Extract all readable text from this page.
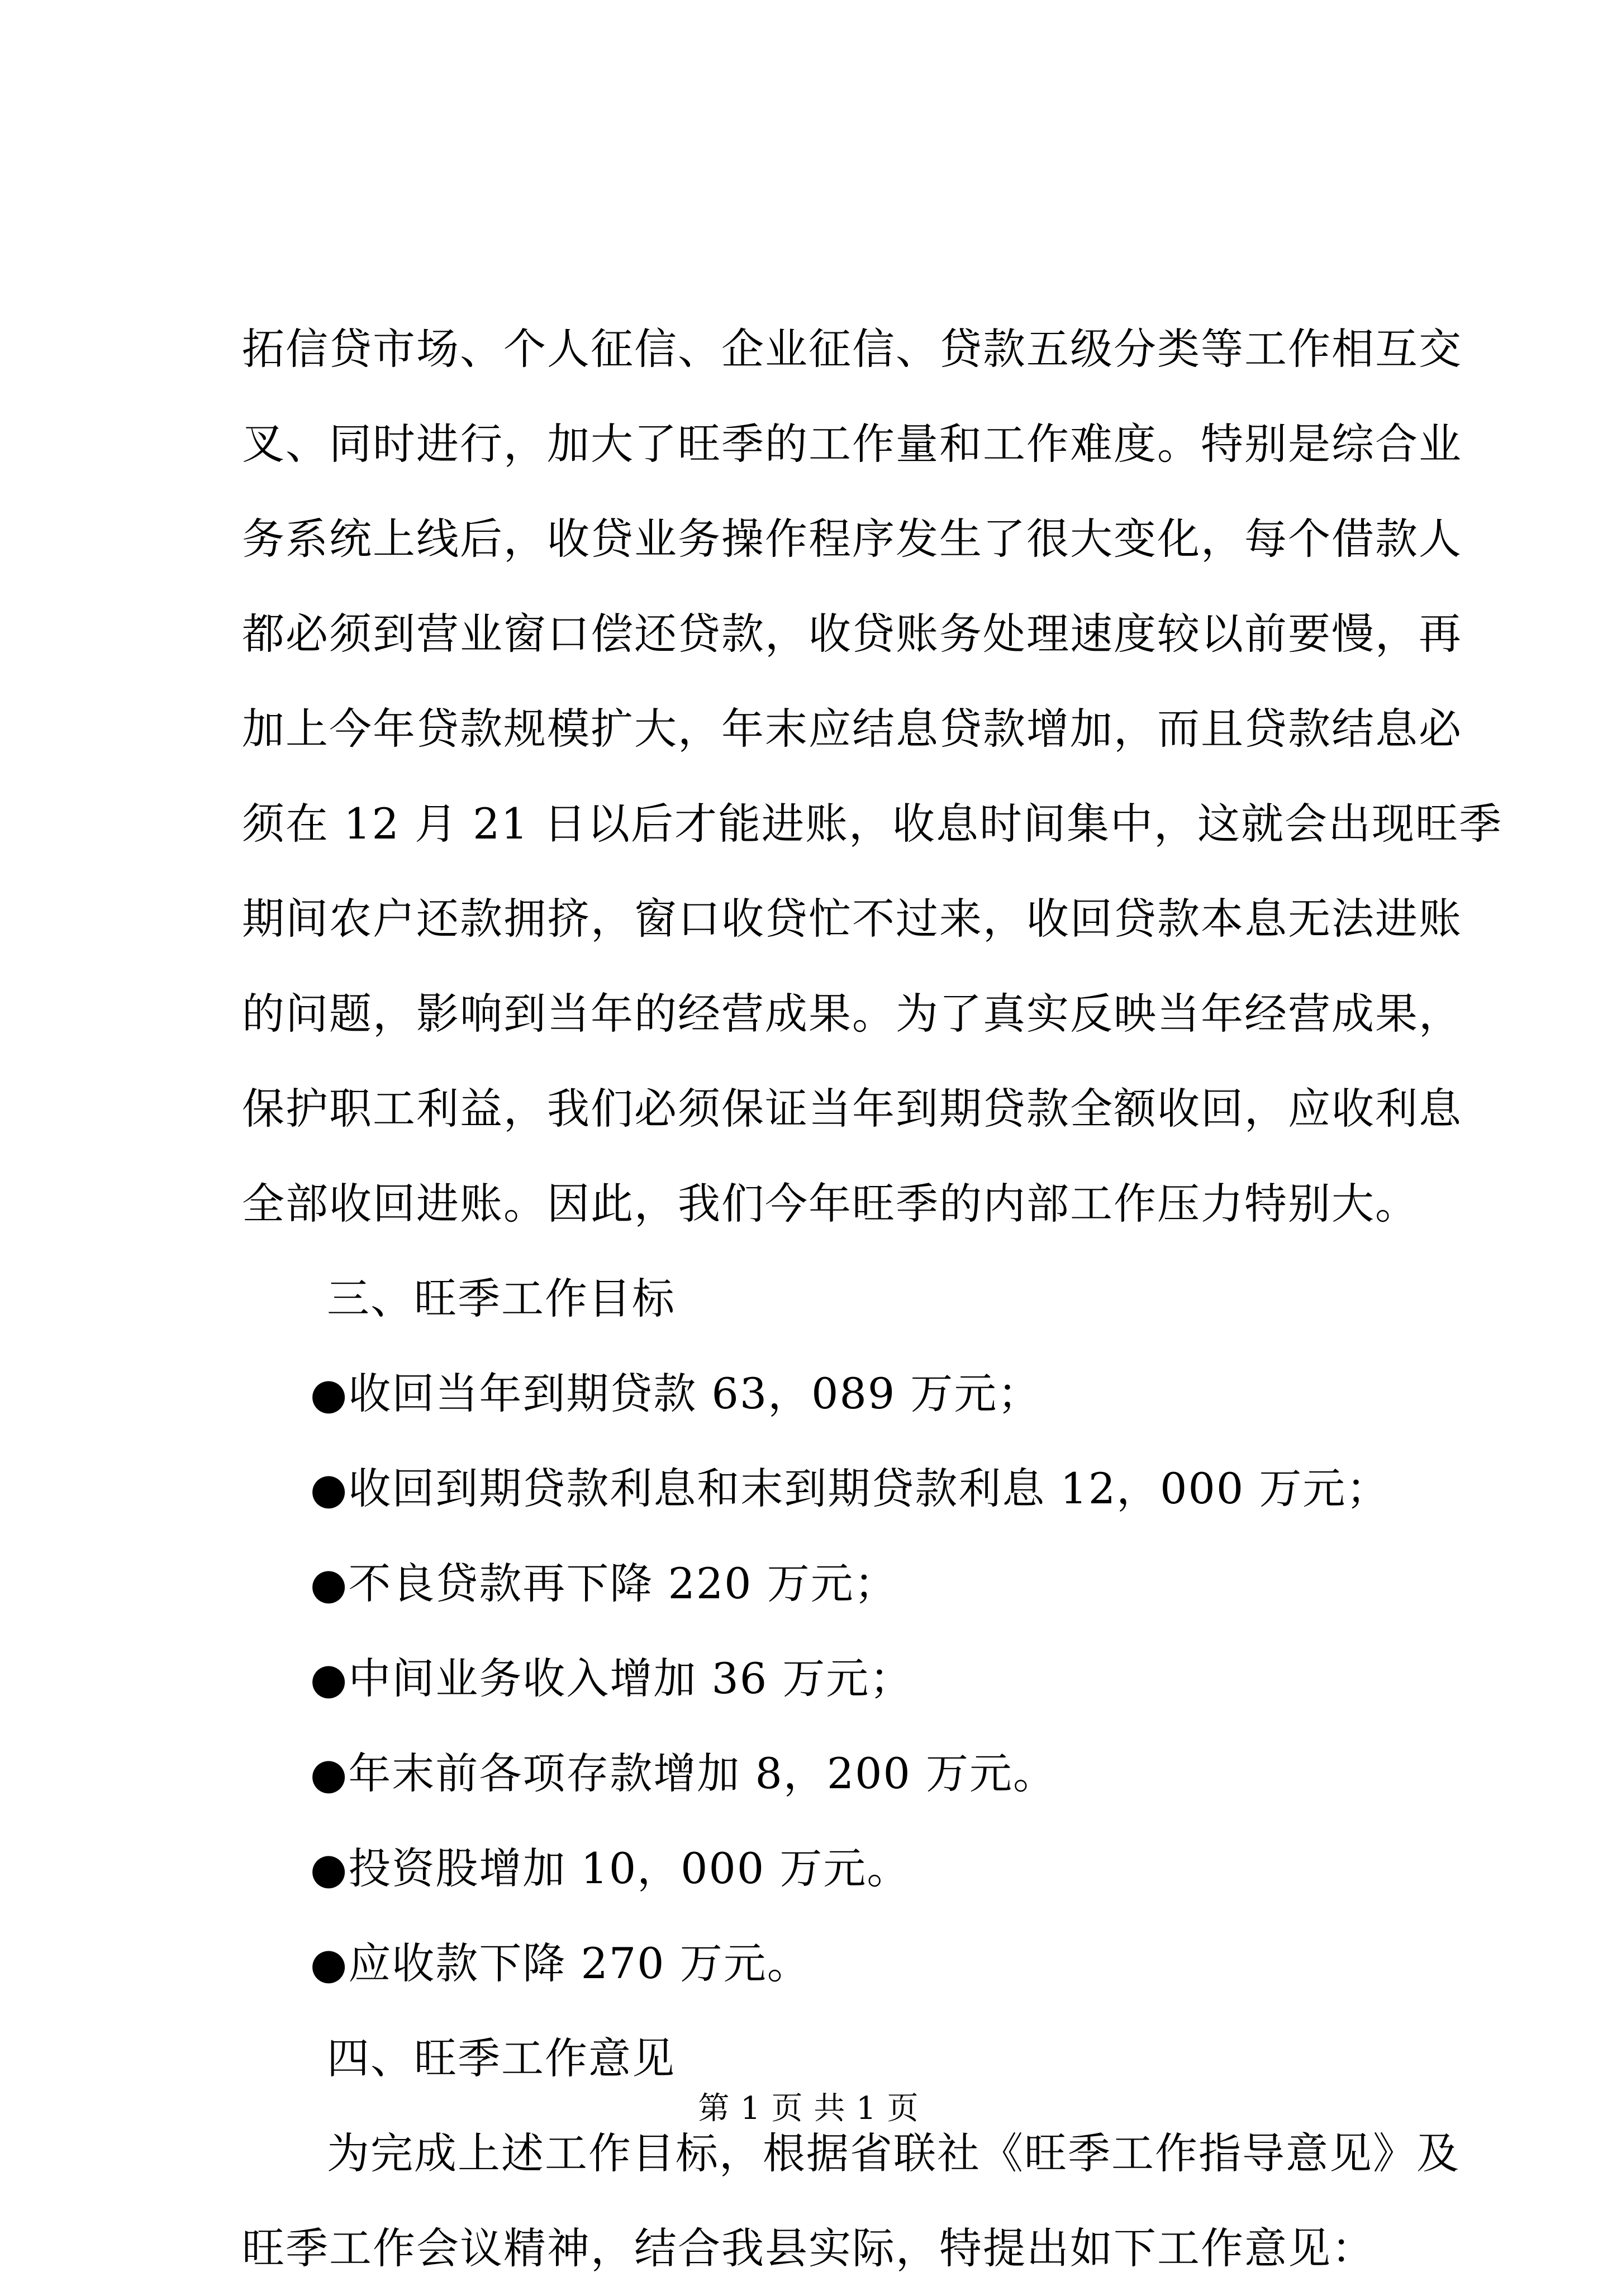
拓信贷市场、个人征信、企业征信、贷款五级分类等工作相互交
叉、同时进行，加大了旺季的工作量和工作难度。特别是综合业
务系统上线后，收贷业务操作程序发生了很大变化，每个借款人
都必须到营业窗口偿还贷款，收贷账务处理速度较以前要慢，再
加上今年贷款规模扩大，年末应结息贷款增加，而且贷款结息必
须在 12 月 21 日以后才能进账，收息时间集中，这就会出现旺季
期间农户还款拥挤，窗口收贷忙不过来，收回贷款本息无法进账
的问题，影响到当年的经营成果。为了真实反映当年经营成果，
保护职工利益，我们必须保证当年到期贷款全额收回，应收利息
全部收回进账。因此，我们今年旺季的内部工作压力特别大。
三、旺季工作目标
●收回当年到期贷款 63，089 万元；
●收回到期贷款利息和末到期贷款利息 12，000 万元；
●不良贷款再下降 220 万元；
●中间业务收入增加 36 万元；
●年末前各项存款增加 8，200 万元。
●投资股增加 10，000 万元。
●应收款下降 270 万元。
四、旺季工作意见
为完成上述工作目标，根据省联社《旺季工作指导意见》及
旺季工作会议精神，结合我县实际，特提出如下工作意见：
第 1 页 共 1 页
